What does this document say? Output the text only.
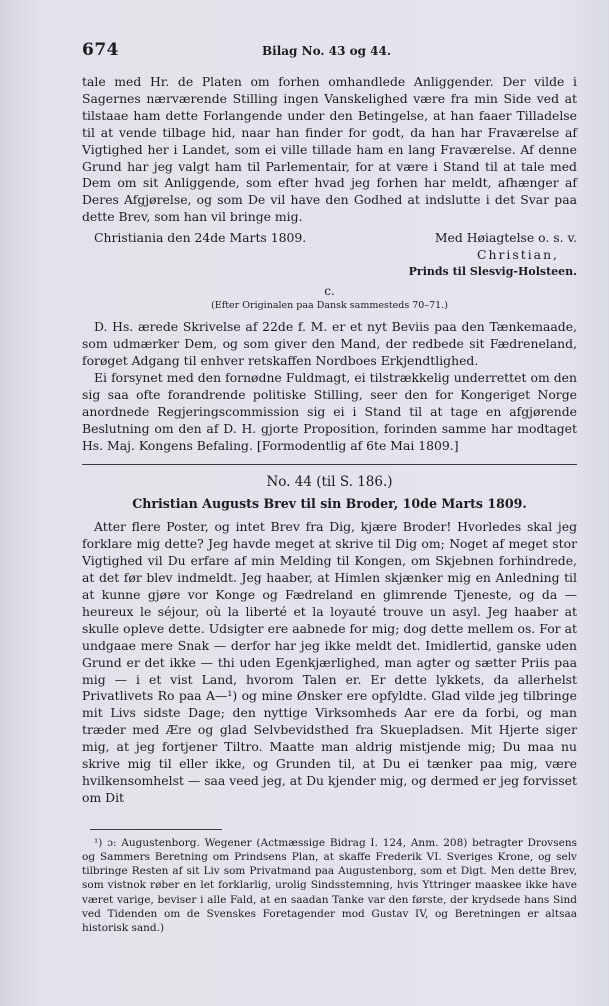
674	Bilag No. 43 og 44.

tale med Hr. de Platen om forhen omhandlede Anliggender. Der vilde i Sagernes nærværende Stilling ingen Vanskelighed være fra min Side ved at tilstaae ham dette Forlangende under den Betingelse, at han faaer Tilladelse til at vende tilbage hid, naar han finder for godt, da han har Fraværelse af Vigtighed her i Landet, som ei ville tillade ham en lang Fraværelse. Af denne Grund har jeg valgt ham til Parlementair, for at være i Stand til at tale med Dem om sit Anliggende, som efter hvad jeg forhen har meldt, afhænger af Deres Afgjørelse, og som De vil have den Godhed at indslutte i det Svar paa dette Brev, som han vil bringe mig.

Christiania den 24de Marts 1809.	Med Høiagtelse o. s. v.
Christian,
Prinds til Slesvig-Holsteen.
c.
(Efter Originalen paa Dansk sammesteds 70–71.)

D. Hs. ærede Skrivelse af 22de f. M. er et nyt Beviis paa den Tænkemaade, som udmærker Dem, og som giver den Mand, der redbede sit Fædreneland, forøget Adgang til enhver retskaffen Nordboes Erkjendtlighed.

Ei forsynet med den fornødne Fuldmagt, ei tilstrækkelig underrettet om den sig saa ofte forandrende politiske Stilling, seer den for Kongeriget Norge anordnede Regjeringscommission sig ei i Stand til at tage en afgjørende Beslutning om den af D. H. gjorte Proposition, forinden samme har modtaget Hs. Maj. Kongens Befaling. [Formodentlig af 6te Mai 1809.]

No. 44 (til S. 186.)
Christian Augusts Brev til sin Broder, 10de Marts 1809.

Atter flere Poster, og intet Brev fra Dig, kjære Broder! Hvorledes skal jeg forklare mig dette? Jeg havde meget at skrive til Dig om; Noget af meget stor Vigtighed vil Du erfare af min Melding til Kongen, om Skjebnen forhindrede, at det før blev indmeldt. Jeg haaber, at Himlen skjænker mig en Anledning til at kunne gjøre vor Konge og Fædreland en glimrende Tjeneste, og da — heureux le séjour, où la liberté et la loyauté trouve un asyl. Jeg haaber at skulle opleve dette. Udsigter ere aabnede for mig; dog dette mellem os. For at undgaae mere Snak — derfor har jeg ikke meldt det. Imidlertid, ganske uden Grund er det ikke — thi uden Egenkjærlighed, man agter og sætter Priis paa mig — i et vist Land, hvorom Talen er. Er dette lykkets, da allerhelst Privatlivets Ro paa A—¹) og mine Ønsker ere opfyldte. Glad vilde jeg tilbringe mit Livs sidste Dage; den nyttige Virksomheds Aar ere da forbi, og man træder med Ære og glad Selvbevidsthed fra Skuepladsen. Mit Hjerte siger mig, at jeg fortjener Tiltro. Maatte man aldrig mistjende mig; Du maa nu skrive mig til eller ikke, og Grunden til, at Du ei tænker paa mig, være hvilkensomhelst — saa veed jeg, at Du kjender mig, og dermed er jeg forvisset om Dit

¹) ɔ: Augustenborg. Wegener (Actmæssige Bidrag I. 124, Anm. 208) betragter Drovsens og Sammers Beretning om Prindsens Plan, at skaffe Frederik VI. Sveriges Krone, og selv tilbringe Resten af sit Liv som Privatmand paa Augustenborg, som et Digt. Men dette Brev, som vistnok røber en let forklarlig, urolig Sindsstemning, hvis Yttringer maaskee ikke have været varige, beviser i alle Fald, at en saadan Tanke var den første, der krydsede hans Sind ved Tidenden om de Svenskes Foretagender mod Gustav IV, og Beretningen er altsaa historisk sand.)
